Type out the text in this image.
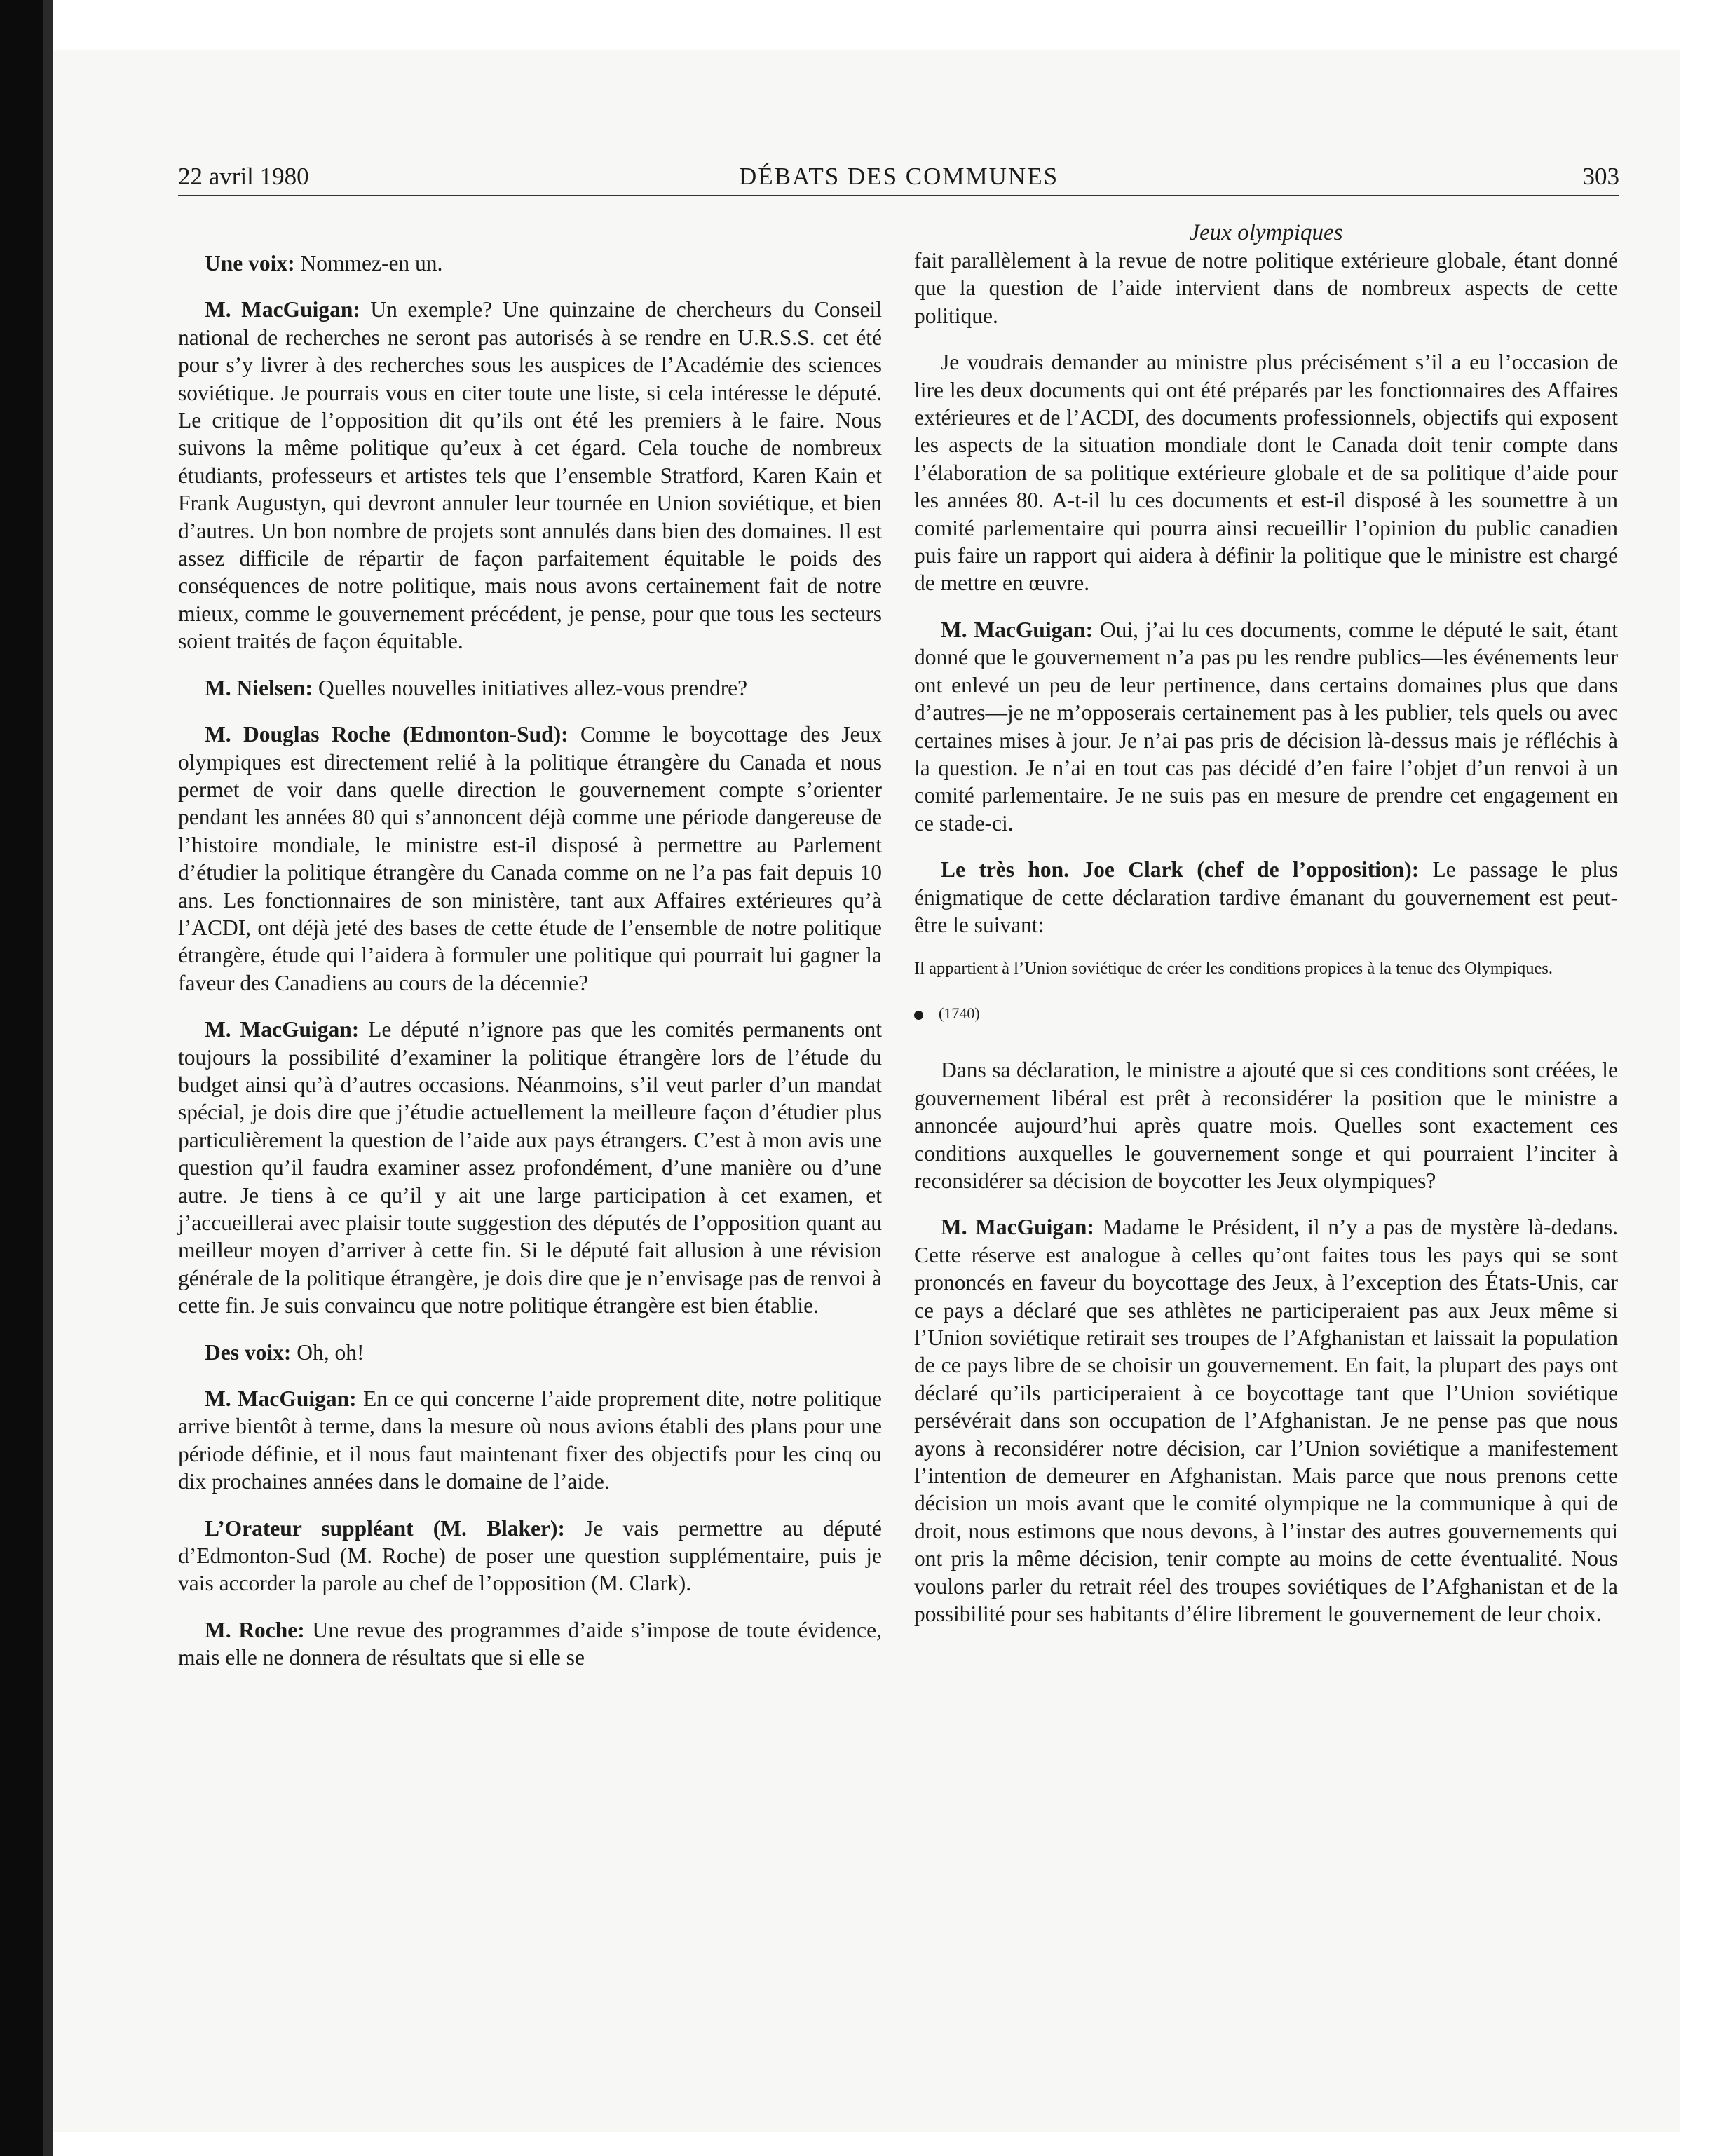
22 avril 1980	DÉBATS DES COMMUNES	303

Une voix: Nommez-en un.

M. MacGuigan: Un exemple? Une quinzaine de chercheurs du Conseil national de recherches ne seront pas autorisés à se rendre en U.R.S.S. cet été pour s’y livrer à des recherches sous les auspices de l’Académie des sciences soviétique. Je pourrais vous en citer toute une liste, si cela intéresse le député. Le critique de l’opposition dit qu’ils ont été les premiers à le faire. Nous suivons la même politique qu’eux à cet égard. Cela touche de nombreux étudiants, professeurs et artistes tels que l’ensemble Stratford, Karen Kain et Frank Augustyn, qui devront annuler leur tournée en Union soviétique, et bien d’autres. Un bon nombre de projets sont annulés dans bien des domaines. Il est assez difficile de répartir de façon parfaitement équitable le poids des conséquences de notre politique, mais nous avons certainement fait de notre mieux, comme le gouvernement précédent, je pense, pour que tous les secteurs soient traités de façon équitable.

M. Nielsen: Quelles nouvelles initiatives allez-vous prendre?

M. Douglas Roche (Edmonton-Sud): Comme le boycottage des Jeux olympiques est directement relié à la politique étrangère du Canada et nous permet de voir dans quelle direction le gouvernement compte s’orienter pendant les années 80 qui s’annoncent déjà comme une période dangereuse de l’histoire mondiale, le ministre est-il disposé à permettre au Parlement d’étudier la politique étrangère du Canada comme on ne l’a pas fait depuis 10 ans. Les fonctionnaires de son ministère, tant aux Affaires extérieures qu’à l’ACDI, ont déjà jeté des bases de cette étude de l’ensemble de notre politique étrangère, étude qui l’aidera à formuler une politique qui pourrait lui gagner la faveur des Canadiens au cours de la décennie?

M. MacGuigan: Le député n’ignore pas que les comités permanents ont toujours la possibilité d’examiner la politique étrangère lors de l’étude du budget ainsi qu’à d’autres occasions. Néanmoins, s’il veut parler d’un mandat spécial, je dois dire que j’étudie actuellement la meilleure façon d’étudier plus particulièrement la question de l’aide aux pays étrangers. C’est à mon avis une question qu’il faudra examiner assez profondément, d’une manière ou d’une autre. Je tiens à ce qu’il y ait une large participation à cet examen, et j’accueillerai avec plaisir toute suggestion des députés de l’opposition quant au meilleur moyen d’arriver à cette fin. Si le député fait allusion à une révision générale de la politique étrangère, je dois dire que je n’envisage pas de renvoi à cette fin. Je suis convaincu que notre politique étrangère est bien établie.

Des voix: Oh, oh!

M. MacGuigan: En ce qui concerne l’aide proprement dite, notre politique arrive bientôt à terme, dans la mesure où nous avions établi des plans pour une période définie, et il nous faut maintenant fixer des objectifs pour les cinq ou dix prochaines années dans le domaine de l’aide.

L’Orateur suppléant (M. Blaker): Je vais permettre au député d’Edmonton-Sud (M. Roche) de poser une question supplémentaire, puis je vais accorder la parole au chef de l’opposition (M. Clark).

M. Roche: Une revue des programmes d’aide s’impose de toute évidence, mais elle ne donnera de résultats que si elle se

Jeux olympiques

fait parallèlement à la revue de notre politique extérieure globale, étant donné que la question de l’aide intervient dans de nombreux aspects de cette politique.

Je voudrais demander au ministre plus précisément s’il a eu l’occasion de lire les deux documents qui ont été préparés par les fonctionnaires des Affaires extérieures et de l’ACDI, des documents professionnels, objectifs qui exposent les aspects de la situation mondiale dont le Canada doit tenir compte dans l’élaboration de sa politique extérieure globale et de sa politique d’aide pour les années 80. A-t-il lu ces documents et est-il disposé à les soumettre à un comité parlementaire qui pourra ainsi recueillir l’opinion du public canadien puis faire un rapport qui aidera à définir la politique que le ministre est chargé de mettre en œuvre.

M. MacGuigan: Oui, j’ai lu ces documents, comme le député le sait, étant donné que le gouvernement n’a pas pu les rendre publics—les événements leur ont enlevé un peu de leur pertinence, dans certains domaines plus que dans d’autres—je ne m’opposerais certainement pas à les publier, tels quels ou avec certaines mises à jour. Je n’ai pas pris de décision là-dessus mais je réfléchis à la question. Je n’ai en tout cas pas décidé d’en faire l’objet d’un renvoi à un comité parlementaire. Je ne suis pas en mesure de prendre cet engagement en ce stade-ci.

Le très hon. Joe Clark (chef de l’opposition): Le passage le plus énigmatique de cette déclaration tardive émanant du gouvernement est peut-être le suivant:

Il appartient à l’Union soviétique de créer les conditions propices à la tenue des Olympiques.

(1740)

Dans sa déclaration, le ministre a ajouté que si ces conditions sont créées, le gouvernement libéral est prêt à reconsidérer la position que le ministre a annoncée aujourd’hui après quatre mois. Quelles sont exactement ces conditions auxquelles le gouvernement songe et qui pourraient l’inciter à reconsidérer sa décision de boycotter les Jeux olympiques?

M. MacGuigan: Madame le Président, il n’y a pas de mystère là-dedans. Cette réserve est analogue à celles qu’ont faites tous les pays qui se sont prononcés en faveur du boycottage des Jeux, à l’exception des États-Unis, car ce pays a déclaré que ses athlètes ne participeraient pas aux Jeux même si l’Union soviétique retirait ses troupes de l’Afghanistan et laissait la population de ce pays libre de se choisir un gouvernement. En fait, la plupart des pays ont déclaré qu’ils participeraient à ce boycottage tant que l’Union soviétique persévérait dans son occupation de l’Afghanistan. Je ne pense pas que nous ayons à reconsidérer notre décision, car l’Union soviétique a manifestement l’intention de demeurer en Afghanistan. Mais parce que nous prenons cette décision un mois avant que le comité olympique ne la communique à qui de droit, nous estimons que nous devons, à l’instar des autres gouvernements qui ont pris la même décision, tenir compte au moins de cette éventualité. Nous voulons parler du retrait réel des troupes soviétiques de l’Afghanistan et de la possibilité pour ses habitants d’élire librement le gouvernement de leur choix.
